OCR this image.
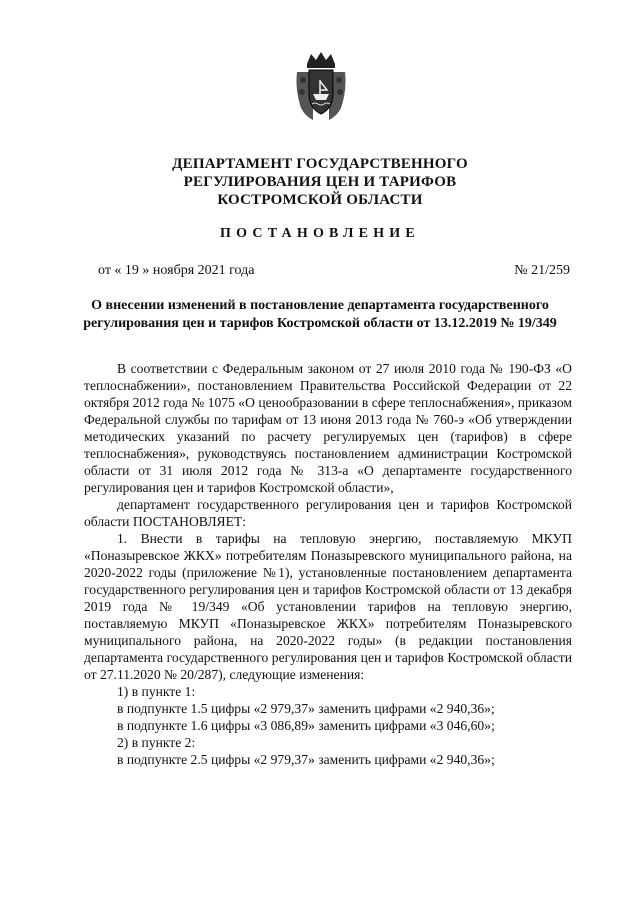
ДЕПАРТАМЕНТ ГОСУДАРСТВЕННОГО
РЕГУЛИРОВАНИЯ ЦЕН И ТАРИФОВ
КОСТРОМСКОЙ ОБЛАСТИ
ПОСТАНОВЛЕНИЕ
от « 19 » ноября 2021 года	№ 21/259
О внесении изменений в постановление департамента государственного
регулирования цен и тарифов Костромской области от 13.12.2019 № 19/349

В соответствии с Федеральным законом от 27 июля 2010 года № 190-ФЗ «О теплоснабжении», постановлением Правительства Российской Федерации от 22 октября 2012 года № 1075 «О ценообразовании в сфере теплоснабжения», приказом Федеральной службы по тарифам от 13 июня 2013 года № 760-э «Об утверждении методических указаний по расчету регулируемых цен (тарифов) в сфере теплоснабжения», руководствуясь постановлением администрации Костромской области от 31 июля 2012 года № 313-а «О департаменте государственного регулирования цен и тарифов Костромской области»,

департамент государственного регулирования цен и тарифов Костромской области ПОСТАНОВЛЯЕТ:

1. Внести в тарифы на тепловую энергию, поставляемую МКУП «Поназыревское ЖКХ» потребителям Поназыревского муниципального района, на 2020-2022 годы (приложение №1), установленные постановлением департамента государственного регулирования цен и тарифов Костромской области от 13 декабря 2019 года № 19/349 «Об установлении тарифов на тепловую энергию, поставляемую МКУП «Поназыревское ЖКХ» потребителям Поназыревского муниципального района, на 2020-2022 годы» (в редакции постановления департамента государственного регулирования цен и тарифов Костромской области от 27.11.2020 № 20/287), следующие изменения:

1) в пункте 1:

в подпункте 1.5 цифры «2 979,37» заменить цифрами «2 940,36»;

в подпункте 1.6 цифры «3 086,89» заменить цифрами «3 046,60»;

2) в пункте 2:

в подпункте 2.5 цифры «2 979,37» заменить цифрами «2 940,36»;
